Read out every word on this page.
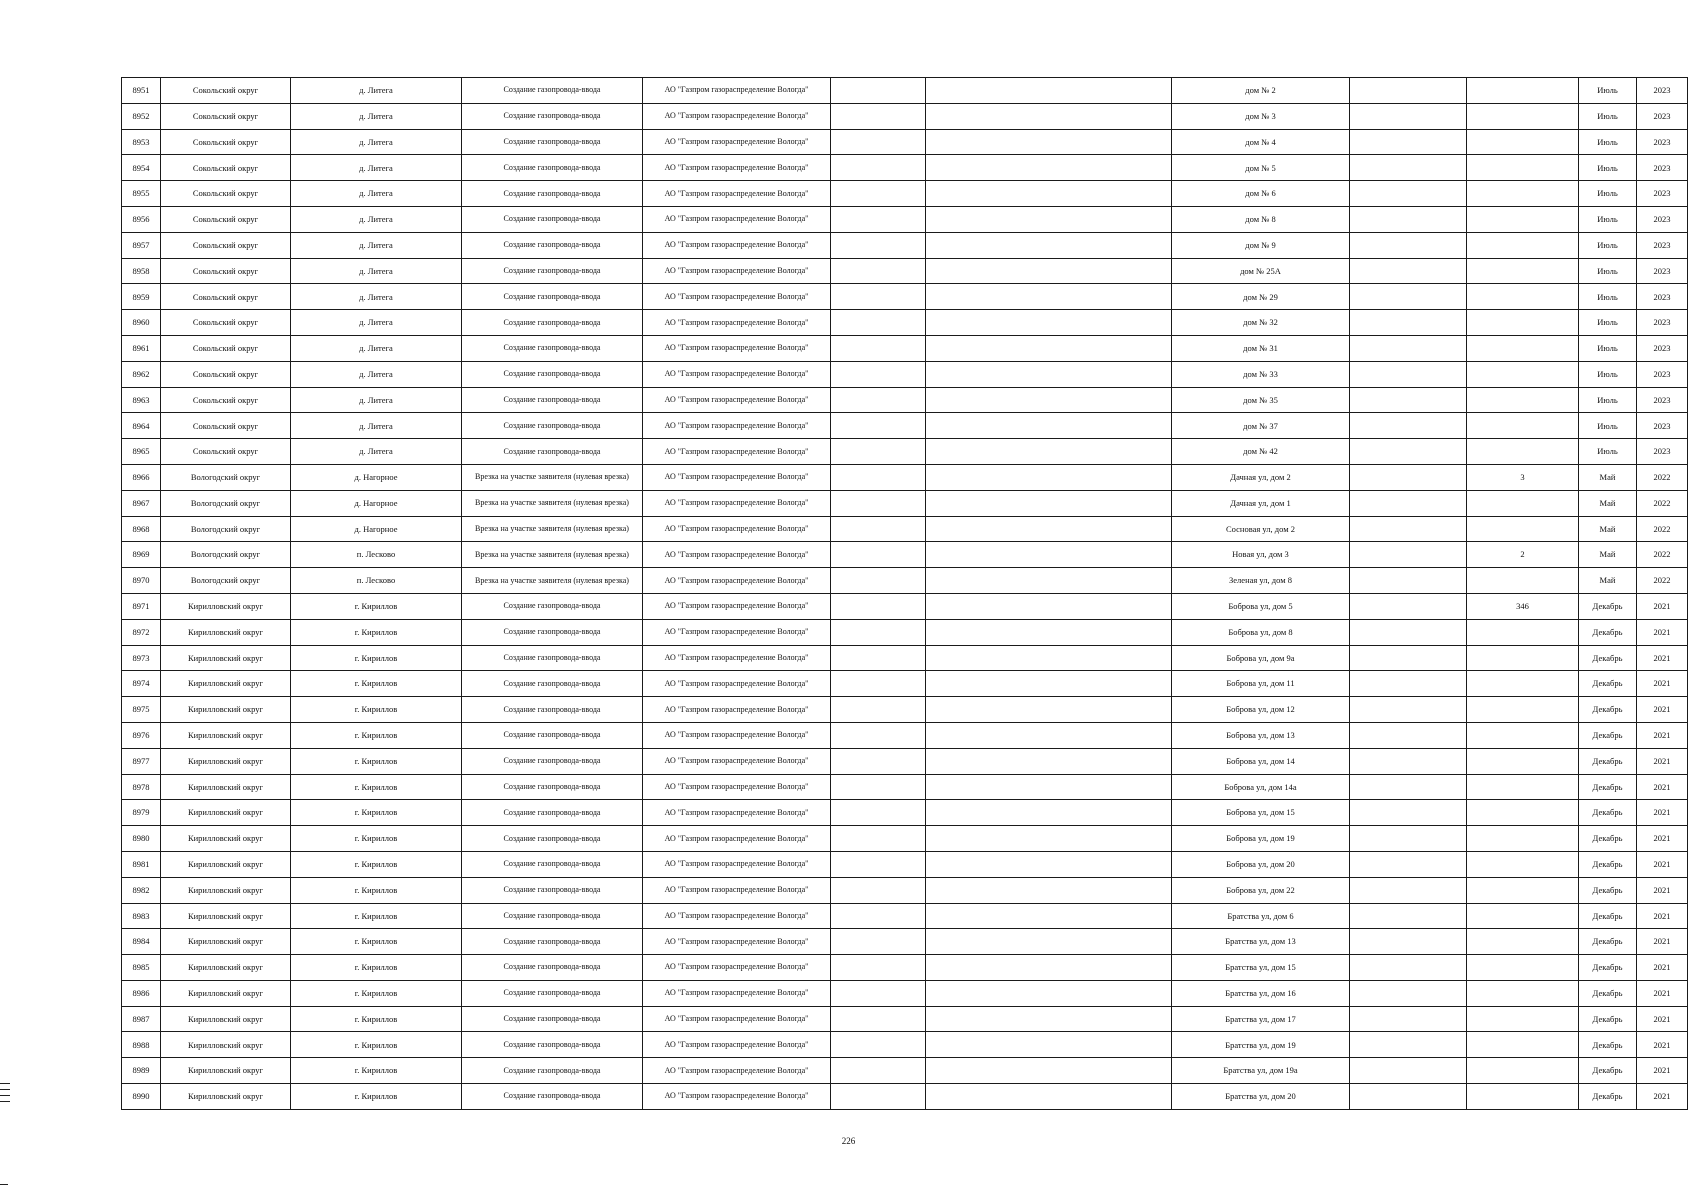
8951	Сокольский округ	д. Литега	Создание газопровода-ввода	АО "Газпром газораспределение Вологда"			дом № 2			Июль	2023
8952	Сокольский округ	д. Литега	Создание газопровода-ввода	АО "Газпром газораспределение Вологда"			дом № 3			Июль	2023
8953	Сокольский округ	д. Литега	Создание газопровода-ввода	АО "Газпром газораспределение Вологда"			дом № 4			Июль	2023
8954	Сокольский округ	д. Литега	Создание газопровода-ввода	АО "Газпром газораспределение Вологда"			дом № 5			Июль	2023
8955	Сокольский округ	д. Литега	Создание газопровода-ввода	АО "Газпром газораспределение Вологда"			дом № 6			Июль	2023
8956	Сокольский округ	д. Литега	Создание газопровода-ввода	АО "Газпром газораспределение Вологда"			дом № 8			Июль	2023
8957	Сокольский округ	д. Литега	Создание газопровода-ввода	АО "Газпром газораспределение Вологда"			дом № 9			Июль	2023
8958	Сокольский округ	д. Литега	Создание газопровода-ввода	АО "Газпром газораспределение Вологда"			дом № 25А			Июль	2023
8959	Сокольский округ	д. Литега	Создание газопровода-ввода	АО "Газпром газораспределение Вологда"			дом № 29			Июль	2023
8960	Сокольский округ	д. Литега	Создание газопровода-ввода	АО "Газпром газораспределение Вологда"			дом № 32			Июль	2023
8961	Сокольский округ	д. Литега	Создание газопровода-ввода	АО "Газпром газораспределение Вологда"			дом № 31			Июль	2023
8962	Сокольский округ	д. Литега	Создание газопровода-ввода	АО "Газпром газораспределение Вологда"			дом № 33			Июль	2023
8963	Сокольский округ	д. Литега	Создание газопровода-ввода	АО "Газпром газораспределение Вологда"			дом № 35			Июль	2023
8964	Сокольский округ	д. Литега	Создание газопровода-ввода	АО "Газпром газораспределение Вологда"			дом № 37			Июль	2023
8965	Сокольский округ	д. Литега	Создание газопровода-ввода	АО "Газпром газораспределение Вологда"			дом № 42			Июль	2023
8966	Вологодский округ	д. Нагорное	Врезка на участке заявителя (нулевая врезка)	АО "Газпром газораспределение Вологда"			Дачная ул, дом 2		3	Май	2022
8967	Вологодский округ	д. Нагорное	Врезка на участке заявителя (нулевая врезка)	АО "Газпром газораспределение Вологда"			Дачная ул, дом 1			Май	2022
8968	Вологодский округ	д. Нагорное	Врезка на участке заявителя (нулевая врезка)	АО "Газпром газораспределение Вологда"			Сосновая ул, дом 2			Май	2022
8969	Вологодский округ	п. Лесково	Врезка на участке заявителя (нулевая врезка)	АО "Газпром газораспределение Вологда"			Новая ул, дом 3		2	Май	2022
8970	Вологодский округ	п. Лесково	Врезка на участке заявителя (нулевая врезка)	АО "Газпром газораспределение Вологда"			Зеленая ул, дом 8			Май	2022
8971	Кирилловский округ	г. Кириллов	Создание газопровода-ввода	АО "Газпром газораспределение Вологда"			Боброва ул, дом 5		346	Декабрь	2021
8972	Кирилловский округ	г. Кириллов	Создание газопровода-ввода	АО "Газпром газораспределение Вологда"			Боброва ул, дом 8			Декабрь	2021
8973	Кирилловский округ	г. Кириллов	Создание газопровода-ввода	АО "Газпром газораспределение Вологда"			Боброва ул, дом 9а			Декабрь	2021
8974	Кирилловский округ	г. Кириллов	Создание газопровода-ввода	АО "Газпром газораспределение Вологда"			Боброва ул, дом 11			Декабрь	2021
8975	Кирилловский округ	г. Кириллов	Создание газопровода-ввода	АО "Газпром газораспределение Вологда"			Боброва ул, дом 12			Декабрь	2021
8976	Кирилловский округ	г. Кириллов	Создание газопровода-ввода	АО "Газпром газораспределение Вологда"			Боброва ул, дом 13			Декабрь	2021
8977	Кирилловский округ	г. Кириллов	Создание газопровода-ввода	АО "Газпром газораспределение Вологда"			Боброва ул, дом 14			Декабрь	2021
8978	Кирилловский округ	г. Кириллов	Создание газопровода-ввода	АО "Газпром газораспределение Вологда"			Боброва ул, дом 14а			Декабрь	2021
8979	Кирилловский округ	г. Кириллов	Создание газопровода-ввода	АО "Газпром газораспределение Вологда"			Боброва ул, дом 15			Декабрь	2021
8980	Кирилловский округ	г. Кириллов	Создание газопровода-ввода	АО "Газпром газораспределение Вологда"			Боброва ул, дом 19			Декабрь	2021
8981	Кирилловский округ	г. Кириллов	Создание газопровода-ввода	АО "Газпром газораспределение Вологда"			Боброва ул, дом 20			Декабрь	2021
8982	Кирилловский округ	г. Кириллов	Создание газопровода-ввода	АО "Газпром газораспределение Вологда"			Боброва ул, дом 22			Декабрь	2021
8983	Кирилловский округ	г. Кириллов	Создание газопровода-ввода	АО "Газпром газораспределение Вологда"			Братства ул, дом 6			Декабрь	2021
8984	Кирилловский округ	г. Кириллов	Создание газопровода-ввода	АО "Газпром газораспределение Вологда"			Братства ул, дом 13			Декабрь	2021
8985	Кирилловский округ	г. Кириллов	Создание газопровода-ввода	АО "Газпром газораспределение Вологда"			Братства ул, дом 15			Декабрь	2021
8986	Кирилловский округ	г. Кириллов	Создание газопровода-ввода	АО "Газпром газораспределение Вологда"			Братства ул, дом 16			Декабрь	2021
8987	Кирилловский округ	г. Кириллов	Создание газопровода-ввода	АО "Газпром газораспределение Вологда"			Братства ул, дом 17			Декабрь	2021
8988	Кирилловский округ	г. Кириллов	Создание газопровода-ввода	АО "Газпром газораспределение Вологда"			Братства ул, дом 19			Декабрь	2021
8989	Кирилловский округ	г. Кириллов	Создание газопровода-ввода	АО "Газпром газораспределение Вологда"			Братства ул, дом 19а			Декабрь	2021
8990	Кирилловский округ	г. Кириллов	Создание газопровода-ввода	АО "Газпром газораспределение Вологда"			Братства ул, дом 20			Декабрь	2021
226
